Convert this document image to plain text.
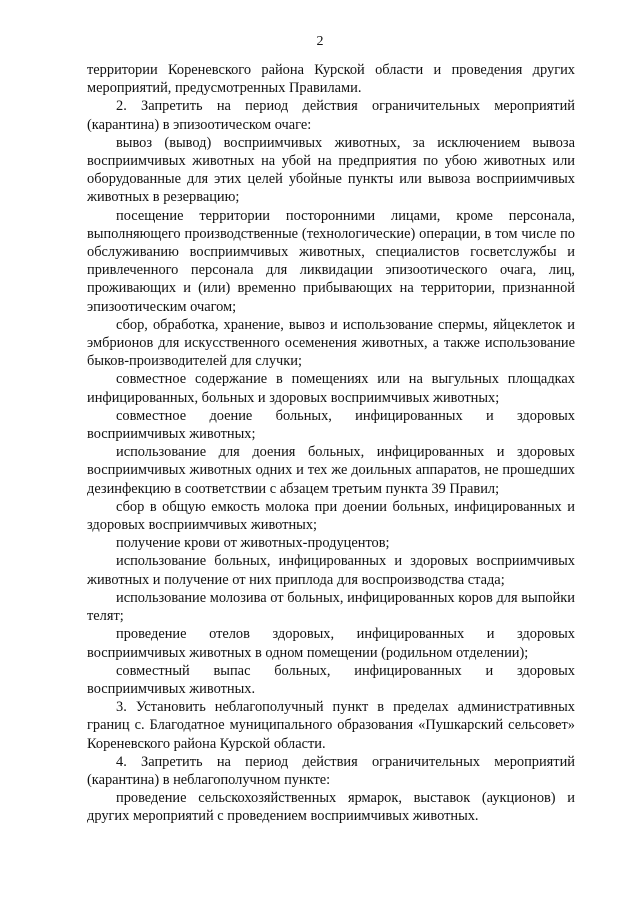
2

территории Кореневского района Курской области и проведения других мероприятий, предусмотренных Правилами.

2. Запретить на период действия ограничительных мероприятий (карантина) в эпизоотическом очаге:

вывоз (вывод) восприимчивых животных, за исключением вывоза восприимчивых животных на убой на предприятия по убою животных или оборудованные для этих целей убойные пункты или вывоза восприимчивых животных в резервацию;

посещение территории посторонними лицами, кроме персонала, выполняющего производственные (технологические) операции, в том числе по обслуживанию восприимчивых животных, специалистов госветслужбы и привлеченного персонала для ликвидации эпизоотического очага, лиц, проживающих и (или) временно прибывающих на территории, признанной эпизоотическим очагом;

сбор, обработка, хранение, вывоз и использование спермы, яйцеклеток и эмбрионов для искусственного осеменения животных, а также использование быков-производителей для случки;

совместное содержание в помещениях или на выгульных площадках инфицированных, больных и здоровых восприимчивых животных;

совместное доение больных, инфицированных и здоровых восприимчивых животных;

использование для доения больных, инфицированных и здоровых восприимчивых животных одних и тех же доильных аппаратов, не прошедших дезинфекцию в соответствии с абзацем третьим пункта 39 Правил;

сбор в общую емкость молока при доении больных, инфицированных и здоровых восприимчивых животных;

получение крови от животных-продуцентов;

использование больных, инфицированных и здоровых восприимчивых животных и получение от них приплода для воспроизводства стада;

использование молозива от больных, инфицированных коров для выпойки телят;

проведение отелов здоровых, инфицированных и здоровых восприимчивых животных в одном помещении (родильном отделении);

совместный выпас больных, инфицированных и здоровых восприимчивых животных.

3. Установить неблагополучный пункт в пределах административных границ с. Благодатное муниципального образования «Пушкарский сельсовет» Кореневского района Курской области.

4. Запретить на период действия ограничительных мероприятий (карантина) в неблагополучном пункте:

проведение сельскохозяйственных ярмарок, выставок (аукционов) и других мероприятий с проведением восприимчивых животных.
